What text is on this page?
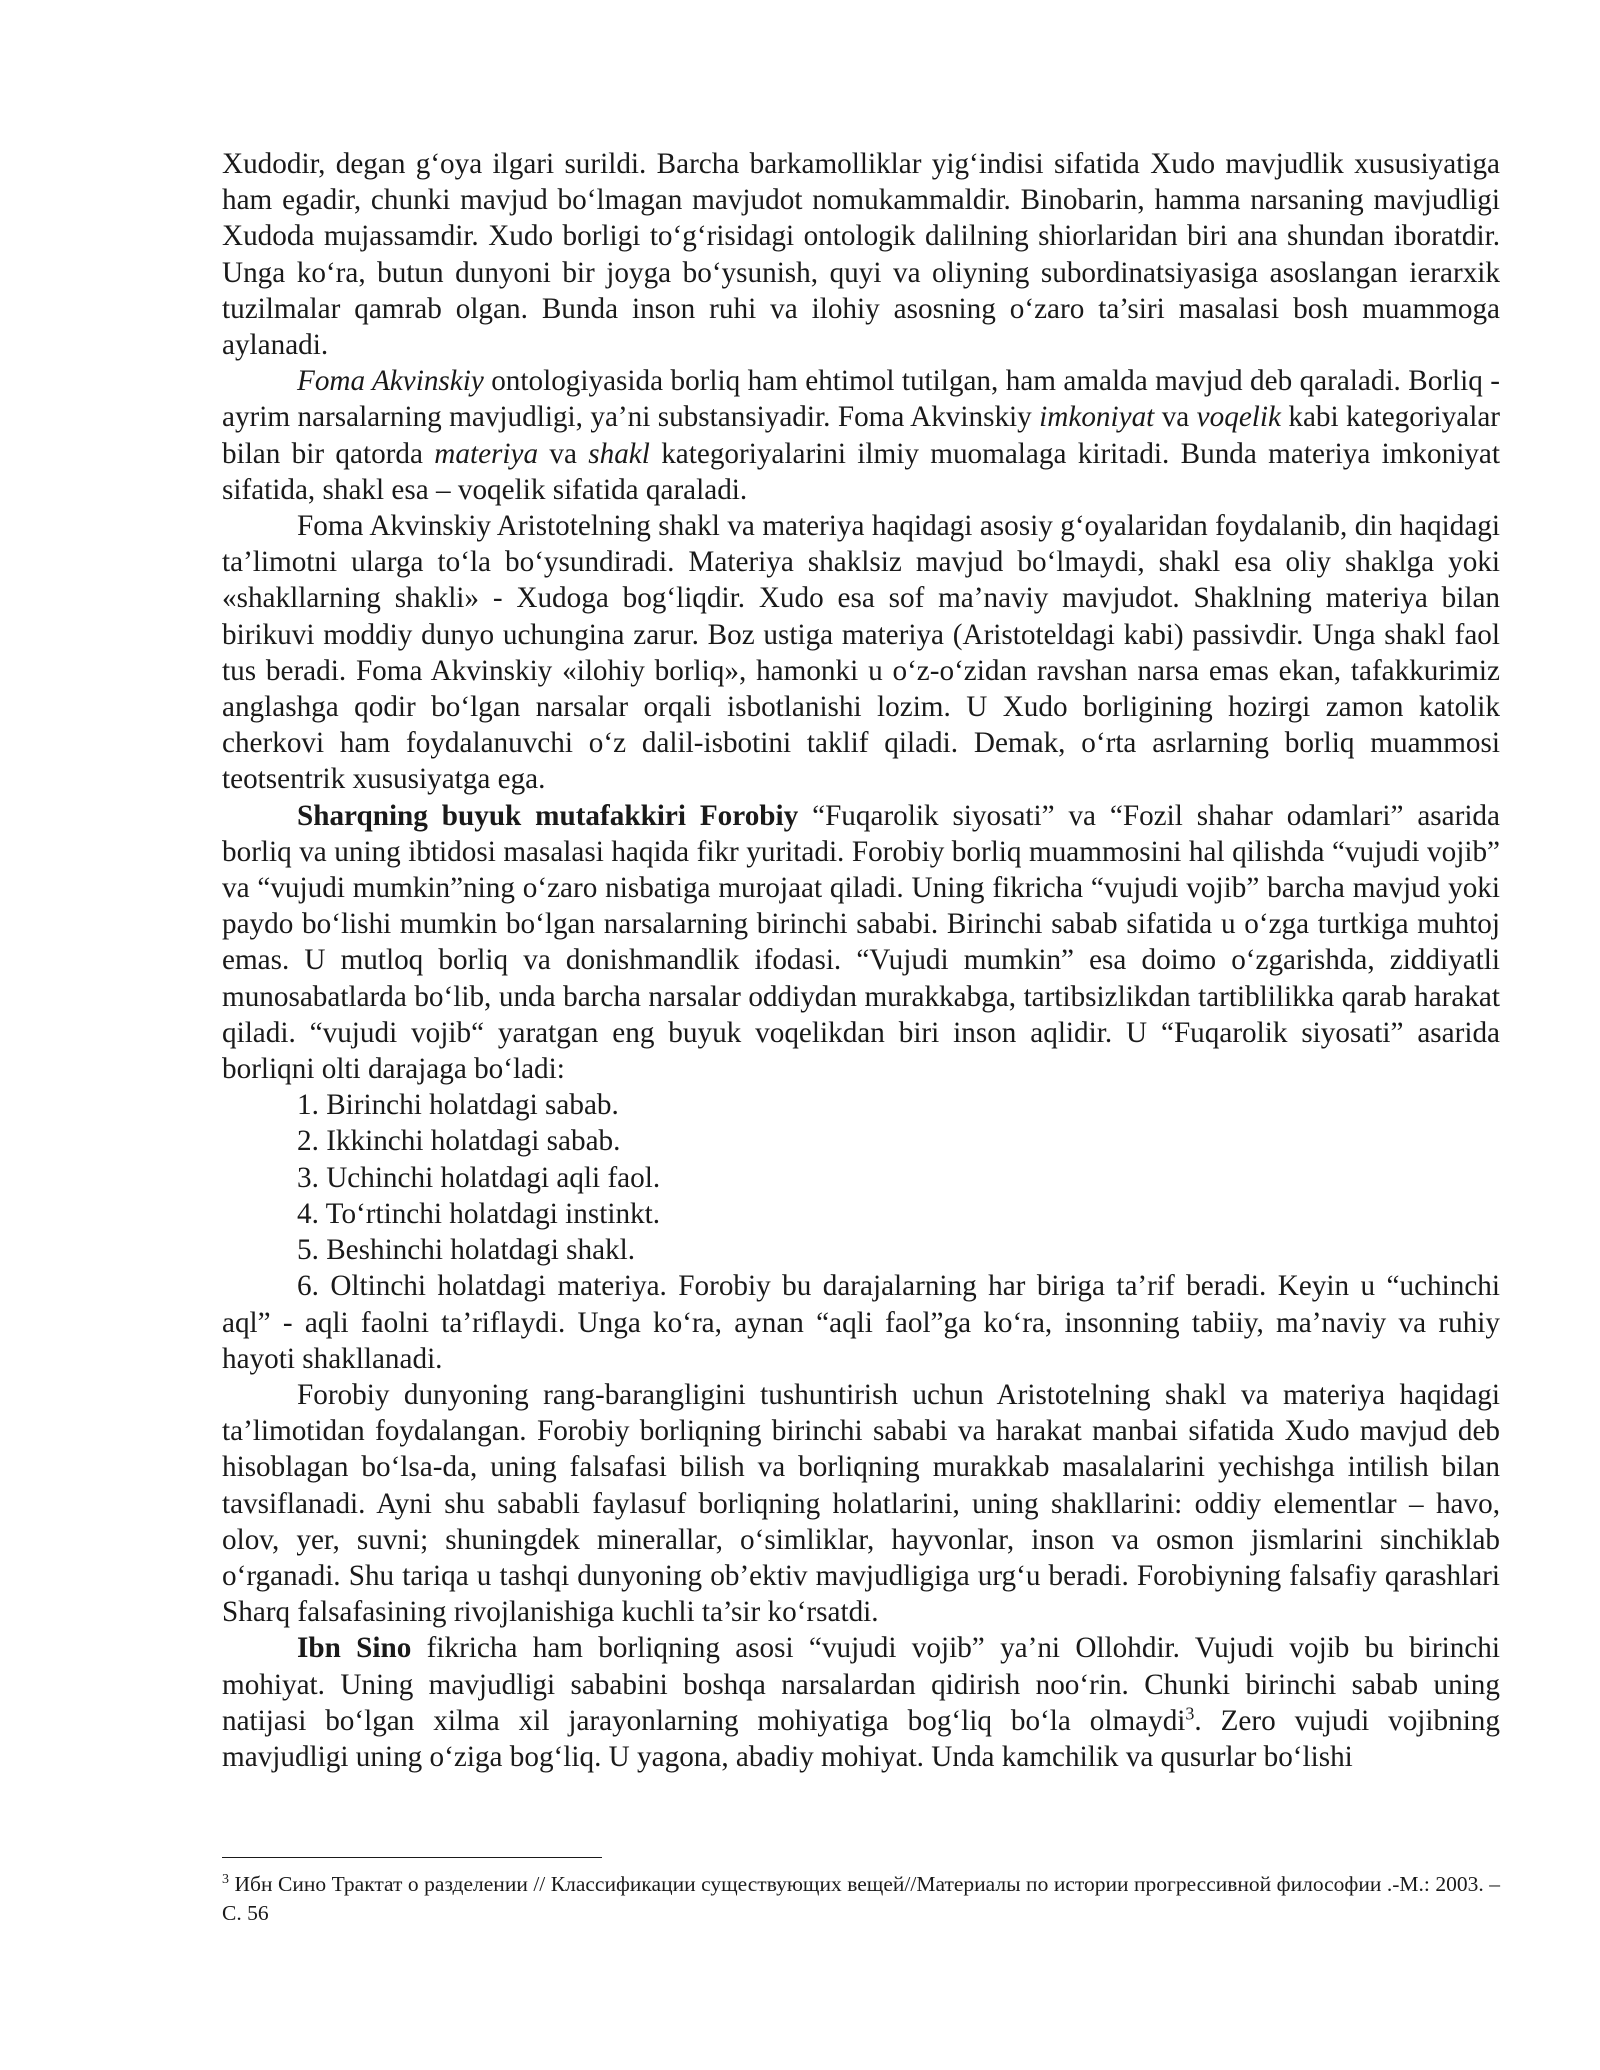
Xudodir, degan g‘oya ilgari surildi. Barcha barkamolliklar yig‘indisi sifatida Xudo mavjudlik xususiyatiga ham egadir, chunki mavjud bo‘lmagan mavjudot nomukammaldir. Binobarin, hamma narsaning mavjudligi Xudoda mujassamdir. Xudo borligi to‘g‘risidagi ontologik dalilning shiorlaridan biri ana shundan iboratdir. Unga ko‘ra, butun dunyoni bir joyga bo‘ysunish, quyi va oliyning subordinatsiyasiga asoslangan ierarxik tuzilmalar qamrab olgan. Bunda inson ruhi va ilohiy asosning o‘zaro ta’siri masalasi bosh muammoga aylanadi.

Foma Akvinskiy ontologiyasida borliq ham ehtimol tutilgan, ham amalda mavjud deb qaraladi. Borliq - ayrim narsalarning mavjudligi, ya’ni substansiyadir. Foma Akvinskiy imkoniyat va voqelik kabi kategoriyalar bilan bir qatorda materiya va shakl kategoriyalarini ilmiy muomalaga kiritadi. Bunda materiya imkoniyat sifatida, shakl esa – voqelik sifatida qaraladi.

Foma Akvinskiy Aristotelning shakl va materiya haqidagi asosiy g‘oyalaridan foydalanib, din haqidagi ta’limotni ularga to‘la bo‘ysundiradi. Materiya shaklsiz mavjud bo‘lmaydi, shakl esa oliy shaklga yoki «shakllarning shakli» - Xudoga bog‘liqdir. Xudo esa sof ma’naviy mavjudot. Shaklning materiya bilan birikuvi moddiy dunyo uchungina zarur. Boz ustiga materiya (Aristoteldagi kabi) passivdir. Unga shakl faol tus beradi. Foma Akvinskiy «ilohiy borliq», hamonki u o‘z-o‘zidan ravshan narsa emas ekan, tafakkurimiz anglashga qodir bo‘lgan narsalar orqali isbotlanishi lozim. U Xudo borligining hozirgi zamon katolik cherkovi ham foydalanuvchi o‘z dalil-isbotini taklif qiladi. Demak, o‘rta asrlarning borliq muammosi teotsentrik xususiyatga ega.

Sharqning buyuk mutafakkiri Forobiy “Fuqarolik siyosati” va “Fozil shahar odamlari” asarida borliq va uning ibtidosi masalasi haqida fikr yuritadi. Forobiy borliq muammosini hal qilishda “vujudi vojib” va “vujudi mumkin”ning o‘zaro nisbatiga murojaat qiladi. Uning fikricha “vujudi vojib” barcha mavjud yoki paydo bo‘lishi mumkin bo‘lgan narsalarning birinchi sababi. Birinchi sabab sifatida u o‘zga turtkiga muhtoj emas. U mutloq borliq va donishmandlik ifodasi. “Vujudi mumkin” esa doimo o‘zgarishda, ziddiyatli munosabatlarda bo‘lib, unda barcha narsalar oddiydan murakkabga, tartibsizlikdan tartiblilikka qarab harakat qiladi. “vujudi vojib“ yaratgan eng buyuk voqelikdan biri inson aqlidir. U “Fuqarolik siyosati” asarida borliqni olti darajaga bo‘ladi:

1. Birinchi holatdagi sabab.
2. Ikkinchi holatdagi sabab.
3. Uchinchi holatdagi aqli faol.
4. To‘rtinchi holatdagi instinkt.
5. Beshinchi holatdagi shakl.

6. Oltinchi holatdagi materiya. Forobiy bu darajalarning har biriga ta’rif beradi. Keyin u “uchinchi aql” - aqli faolni ta’riflaydi. Unga ko‘ra, aynan “aqli faol”ga ko‘ra, insonning tabiiy, ma’naviy va ruhiy hayoti shakllanadi.

Forobiy dunyoning rang-barangligini tushuntirish uchun Aristotelning shakl va materiya haqidagi ta’limotidan foydalangan. Forobiy borliqning birinchi sababi va harakat manbai sifatida Xudo mavjud deb hisoblagan bo‘lsa-da, uning falsafasi bilish va borliqning murakkab masalalarini yechishga intilish bilan tavsiflanadi. Ayni shu sababli faylasuf borliqning holatlarini, uning shakllarini: oddiy elementlar – havo, olov, yer, suvni; shuningdek minerallar, o‘simliklar, hayvonlar, inson va osmon jismlarini sinchiklab o‘rganadi. Shu tariqa u tashqi dunyoning ob’ektiv mavjudligiga urg‘u beradi. Forobiyning falsafiy qarashlari Sharq falsafasining rivojlanishiga kuchli ta’sir ko‘rsatdi.

Ibn Sino fikricha ham borliqning asosi “vujudi vojib” ya’ni Ollohdir. Vujudi vojib bu birinchi mohiyat. Uning mavjudligi sababini boshqa narsalardan qidirish noo‘rin. Chunki birinchi sabab uning natijasi bo‘lgan xilma xil jarayonlarning mohiyatiga bog‘liq bo‘la olmaydi$^3$. Zero vujudi vojibning mavjudligi uning o‘ziga bog‘liq. U yagona, abadiy mohiyat. Unda kamchilik va qusurlar bo‘lishi

$^3$ Ибн Сино Трактат о разделении // Классификации существующих вещей//Материалы по истории прогрессивной философии .-М.: 2003. –С. 56
